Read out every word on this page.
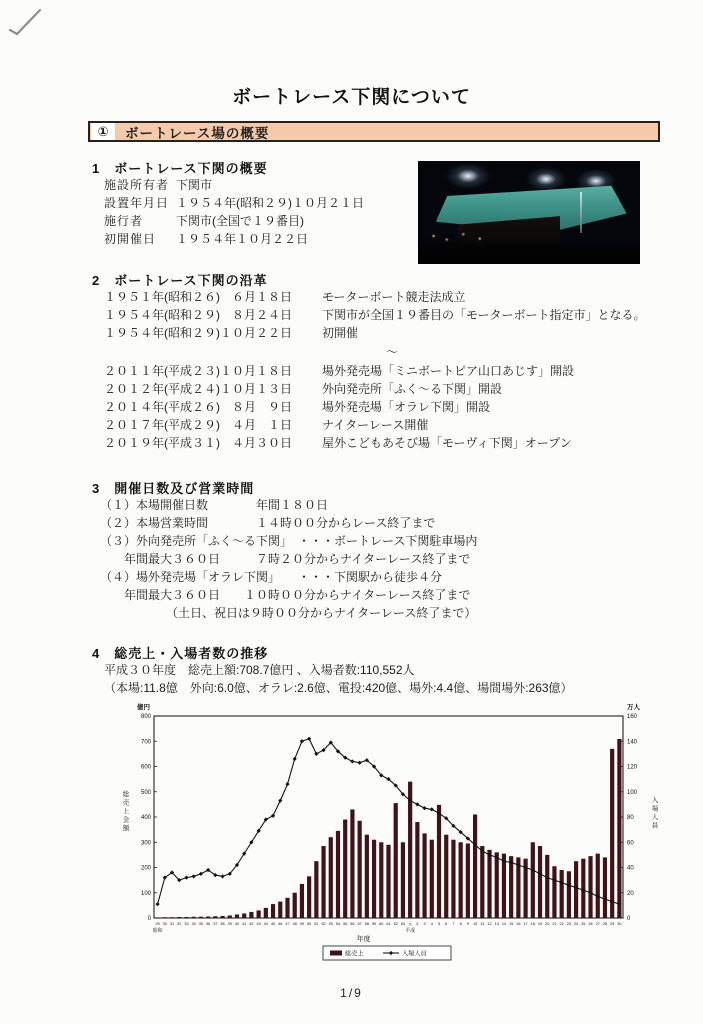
ボートレース下関について
①	ボートレース場の概要
1　ボートレース下関の概要
施設所有者 下関市
設置年月日 １９５４年(昭和２９)１０月２１日
施行者	下関市(全国で１９番目)
初開催日	１９５４年１０月２２日
2　ボートレース下関の沿革
１９５１年(昭和２６)　６月１８日	モーターボート競走法成立
１９５４年(昭和２９)　８月２４日	下関市が全国１９番目の「モーターボート指定市」となる。
１９５４年(昭和２９)１０月２２日	初開催
～
２０１１年(平成２３)１０月１８日	場外発売場「ミニボートピア山口あじす」開設
２０１２年(平成２４)１０月１３日	外向発売所「ふく～る下関」開設
２０１４年(平成２６)　８月　９日	場外発売場「オラレ下関」開設
２０１７年(平成２９)　４月　１日	ナイターレース開催
２０１９年(平成３１)　４月３０日	屋外こどもあそび場「モーヴィ下関」オープン
3　開催日数及び営業時間
（１）本場開催日数　　　　年間１８０日
（２）本場営業時間　　　　１４時００分からレース終了まで
（３）外向発売所「ふく～る下関」　・・・ボートレース下関駐車場内
　　年間最大３６０日　　　７時２０分からナイターレース終了まで
（４）場外発売場「オラレ下関」　　・・・下関駅から徒歩４分
　　年間最大３６０日　　１０時００分からナイターレース終了まで
　　　　　　（土日、祝日は９時００分からナイターレース終了まで）
4　総売上・入場者数の推移
平成３０年度　総売上額:708.7億円 、入場者数:110,552人
（本場:11.8億　外向:6.0億、オラレ:2.6億、電投:420億、場外:4.4億、場間場外:263億）
0
100
200
300
400
500
600
700
800
億円
総
売
上
金
額
0
20
40
60
80
100
120
140
160
万人
入
場
人
員
29 30 31 32 33 34 35 36 37 38 39 40 41 42 43 44 45 46 47 48 49 50 51 52 53 54 55 56 57 58 59 60 61 62 63 元 2 3 4 5 6 7 8 9 10 11 12 13 14 15 16 17 18 19 20 21 22 23 24 25 26 27 28 29 30
昭和	平成
年度
総売上	入場人員
1/9
